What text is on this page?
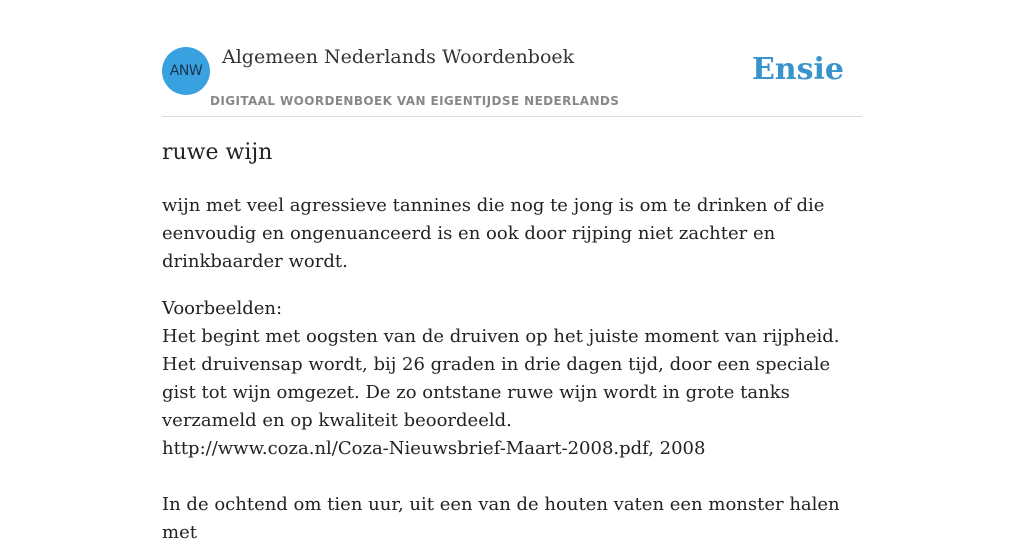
ANW
Algemeen Nederlands Woordenboek
DIGITAAL WOORDENBOEK VAN EIGENTIJDSE NEDERLANDS
Ensie
ruwe wijn
wijn met veel agressieve tannines die nog te jong is om te drinken of die eenvoudig en ongenuanceerd is en ook door rijping niet zachter en drinkbaarder wordt.

Voorbeelden:

Het begint met oogsten van de druiven op het juiste moment van rijpheid. Het druivensap wordt, bij 26 graden in drie dagen tijd, door een speciale gist tot wijn omgezet. De zo ontstane ruwe wijn wordt in grote tanks verzameld en op kwaliteit beoordeeld.

http://www.coza.nl/Coza-Nieuwsbrief-Maart-2008.pdf, 2008

In de ochtend om tien uur, uit een van de houten vaten een monster halen met
